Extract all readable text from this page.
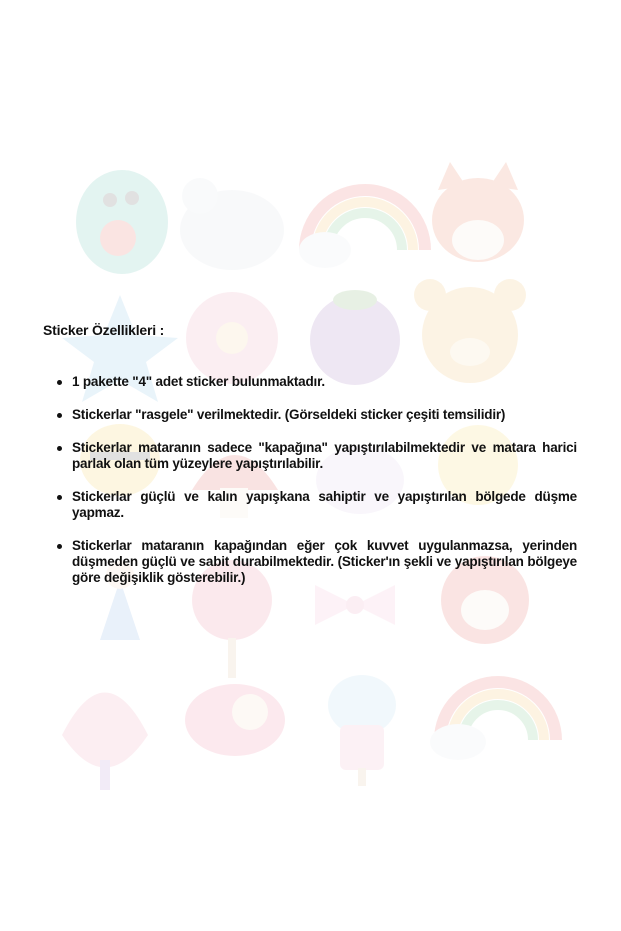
Sticker Özellikleri :
1 pakette "4" adet sticker bulunmaktadır.
Stickerlar "rasgele" verilmektedir. (Görseldeki sticker çeşiti temsilidir)
Stickerlar mataranın sadece "kapağına" yapıştırılabilmektedir ve matara harici parlak olan tüm yüzeylere yapıştırılabilir.
Stickerlar güçlü ve kalın yapışkana sahiptir ve yapıştırılan bölgede düşme yapmaz.
Stickerlar mataranın kapağından eğer çok kuvvet uygulanmazsa, yerinden düşmeden güçlü ve sabit durabilmektedir. (Sticker'ın şekli ve yapıştırılan bölgeye göre değişiklik gösterebilir.)
